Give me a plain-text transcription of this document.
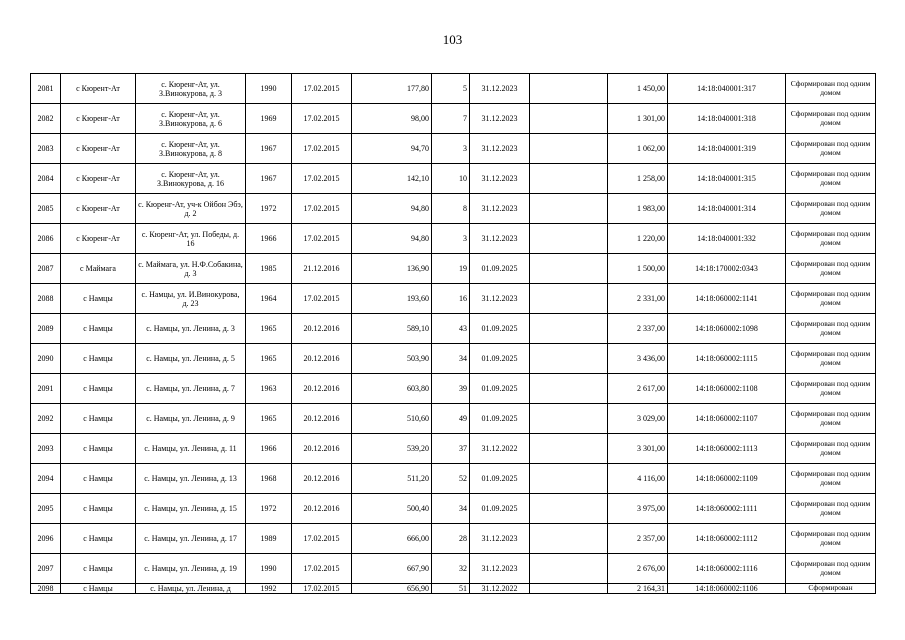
103
2081	с Кюрент-Ат	с. Кюренг-Ат, ул. З.Винокурова, д. 3	1990	17.02.2015	177,80	5	31.12.2023		1 450,00	14:18:040001:317	Сформирован под одним домом
2082	с Кюренг-Ат	с. Кюренг-Ат, ул. З.Винокурова, д. 6	1969	17.02.2015	98,00	7	31.12.2023		1 301,00	14:18:040001:318	Сформирован под одним домом
2083	с Кюренг-Ат	с. Кюренг-Ат, ул. З.Винокурова, д. 8	1967	17.02.2015	94,70	3	31.12.2023		1 062,00	14:18:040001:319	Сформирован под одним домом
2084	с Кюренг-Ат	с. Кюренг-Ат, ул. З.Винокурова, д. 16	1967	17.02.2015	142,10	10	31.12.2023		1 258,00	14:18:040001:315	Сформирован под одним домом
2085	с Кюренг-Ат	с. Кюренг-Ат, уч-к Ойбон Эбэ, д. 2	1972	17.02.2015	94,80	8	31.12.2023		1 983,00	14:18:040001:314	Сформирован под одним домом
2086	с Кюренг-Ат	с. Кюренг-Ат, ул. Победы, д. 16	1966	17.02.2015	94,80	3	31.12.2023		1 220,00	14:18:040001:332	Сформирован под одним домом
2087	с Маймага	с. Маймага, ул. Н.Ф.Собакина, д. 3	1985	21.12.2016	136,90	19	01.09.2025		1 500,00	14:18:170002:0343	Сформирован под одним домом
2088	с Намцы	с. Намцы, ул. И.Винокурова, д. 23	1964	17.02.2015	193,60	16	31.12.2023		2 331,00	14:18:060002:1141	Сформирован под одним домом
2089	с Намцы	с. Намцы, ул. Ленина, д. 3	1965	20.12.2016	589,10	43	01.09.2025		2 337,00	14:18:060002:1098	Сформирован под одним домом
2090	с Намцы	с. Намцы, ул. Ленина, д. 5	1965	20.12.2016	503,90	34	01.09.2025		3 436,00	14:18:060002:1115	Сформирован под одним домом
2091	с Намцы	с. Намцы, ул. Ленина, д. 7	1963	20.12.2016	603,80	39	01.09.2025		2 617,00	14:18:060002:1108	Сформирован под одним домом
2092	с Намцы	с. Намцы, ул. Ленина, д. 9	1965	20.12.2016	510,60	49	01.09.2025		3 029,00	14:18:060002:1107	Сформирован под одним домом
2093	с Намцы	с. Намцы, ул. Ленина, д. 11	1966	20.12.2016	539,20	37	31.12.2022		3 301,00	14:18:060002:1113	Сформирован под одним домом
2094	с Намцы	с. Намцы, ул. Ленина, д. 13	1968	20.12.2016	511,20	52	01.09.2025		4 116,00	14:18:060002:1109	Сформирован под одним домом
2095	с Намцы	с. Намцы, ул. Ленина, д. 15	1972	20.12.2016	500,40	34	01.09.2025		3 975,00	14:18:060002:1111	Сформирован под одним домом
2096	с Намцы	с. Намцы, ул. Ленина, д. 17	1989	17.02.2015	666,00	28	31.12.2023		2 357,00	14:18:060002:1112	Сформирован под одним домом
2097	с Намцы	с. Намцы, ул. Ленина, д. 19	1990	17.02.2015	667,90	32	31.12.2023		2 676,00	14:18:060002:1116	Сформирован под одним домом
2098	с Намцы	с. Намцы, ул. Ленина, д	1992	17.02.2015	656,90	51	31.12.2022		2 164,31	14:18:060002:1106	Сформирован
